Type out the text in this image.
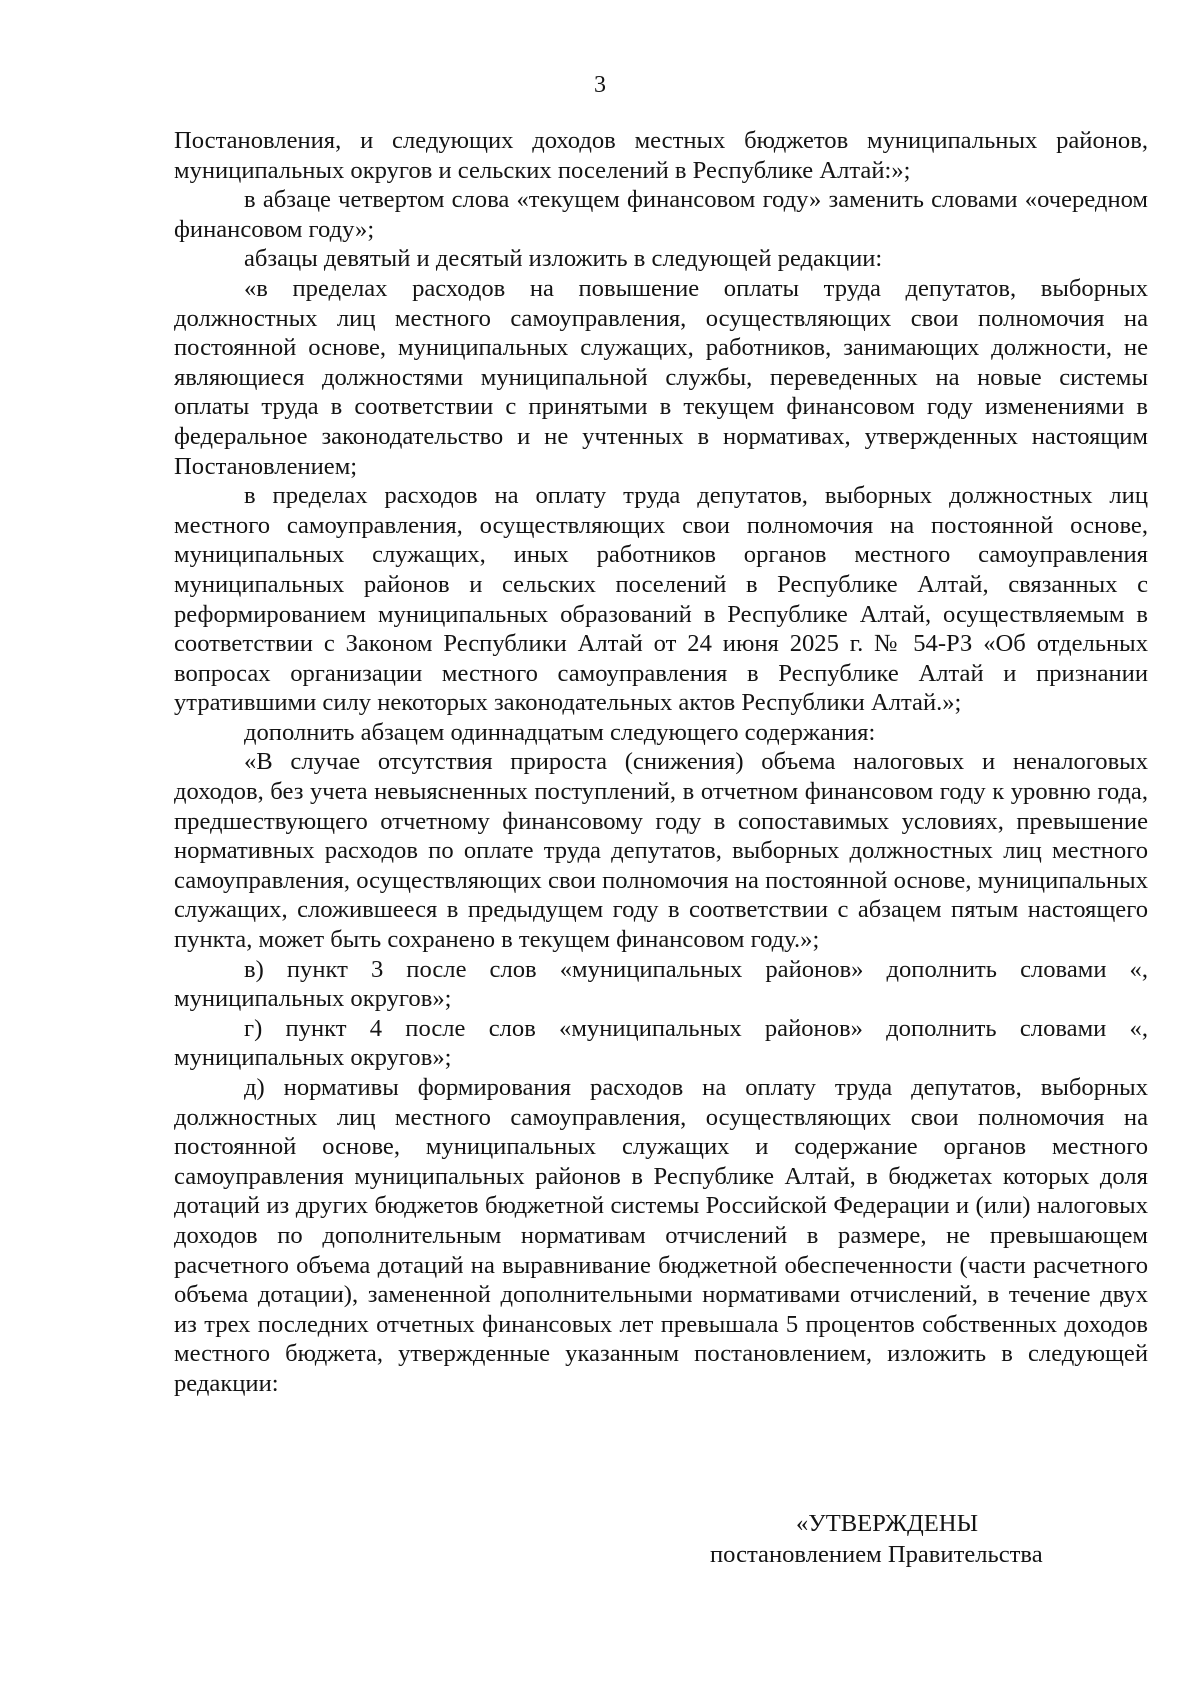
3

Постановления, и следующих доходов местных бюджетов муниципальных районов, муниципальных округов и сельских поселений в Республике Алтай:»;

в абзаце четвертом слова «текущем финансовом году» заменить словами «очередном финансовом году»;

абзацы девятый и десятый изложить в следующей редакции:

«в пределах расходов на повышение оплаты труда депутатов, выборных должностных лиц местного самоуправления, осуществляющих свои полномочия на постоянной основе, муниципальных служащих, работников, занимающих должности, не являющиеся должностями муниципальной службы, переведенных на новые системы оплаты труда в соответствии с принятыми в текущем финансовом году изменениями в федеральное законодательство и не учтенных в нормативах, утвержденных настоящим Постановлением;

в пределах расходов на оплату труда депутатов, выборных должностных лиц местного самоуправления, осуществляющих свои полномочия на постоянной основе, муниципальных служащих, иных работников органов местного самоуправления муниципальных районов и сельских поселений в Республике Алтай, связанных с реформированием муниципальных образований в Республике Алтай, осуществляемым в соответствии с Законом Республики Алтай от 24 июня 2025 г. № 54-РЗ «Об отдельных вопросах организации местного самоуправления в Республике Алтай и признании утратившими силу некоторых законодательных актов Республики Алтай.»;

дополнить абзацем одиннадцатым следующего содержания:

«В случае отсутствия прироста (снижения) объема налоговых и неналоговых доходов, без учета невыясненных поступлений, в отчетном финансовом году к уровню года, предшествующего отчетному финансовому году в сопоставимых условиях, превышение нормативных расходов по оплате труда депутатов, выборных должностных лиц местного самоуправления, осуществляющих свои полномочия на постоянной основе, муниципальных служащих, сложившееся в предыдущем году в соответствии с абзацем пятым настоящего пункта, может быть сохранено в текущем финансовом году.»;

в) пункт 3 после слов «муниципальных районов» дополнить словами «, муниципальных округов»;

г) пункт 4 после слов «муниципальных районов» дополнить словами «, муниципальных округов»;

д) нормативы формирования расходов на оплату труда депутатов, выборных должностных лиц местного самоуправления, осуществляющих свои полномочия на постоянной основе, муниципальных служащих и содержание органов местного самоуправления муниципальных районов в Республике Алтай, в бюджетах которых доля дотаций из других бюджетов бюджетной системы Российской Федерации и (или) налоговых доходов по дополнительным нормативам отчислений в размере, не превышающем расчетного объема дотаций на выравнивание бюджетной обеспеченности (части расчетного объема дотации), замененной дополнительными нормативами отчислений, в течение двух из трех последних отчетных финансовых лет превышала 5 процентов собственных доходов местного бюджета, утвержденные указанным постановлением, изложить в следующей редакции:

«УТВЕРЖДЕНЫ
постановлением Правительства
